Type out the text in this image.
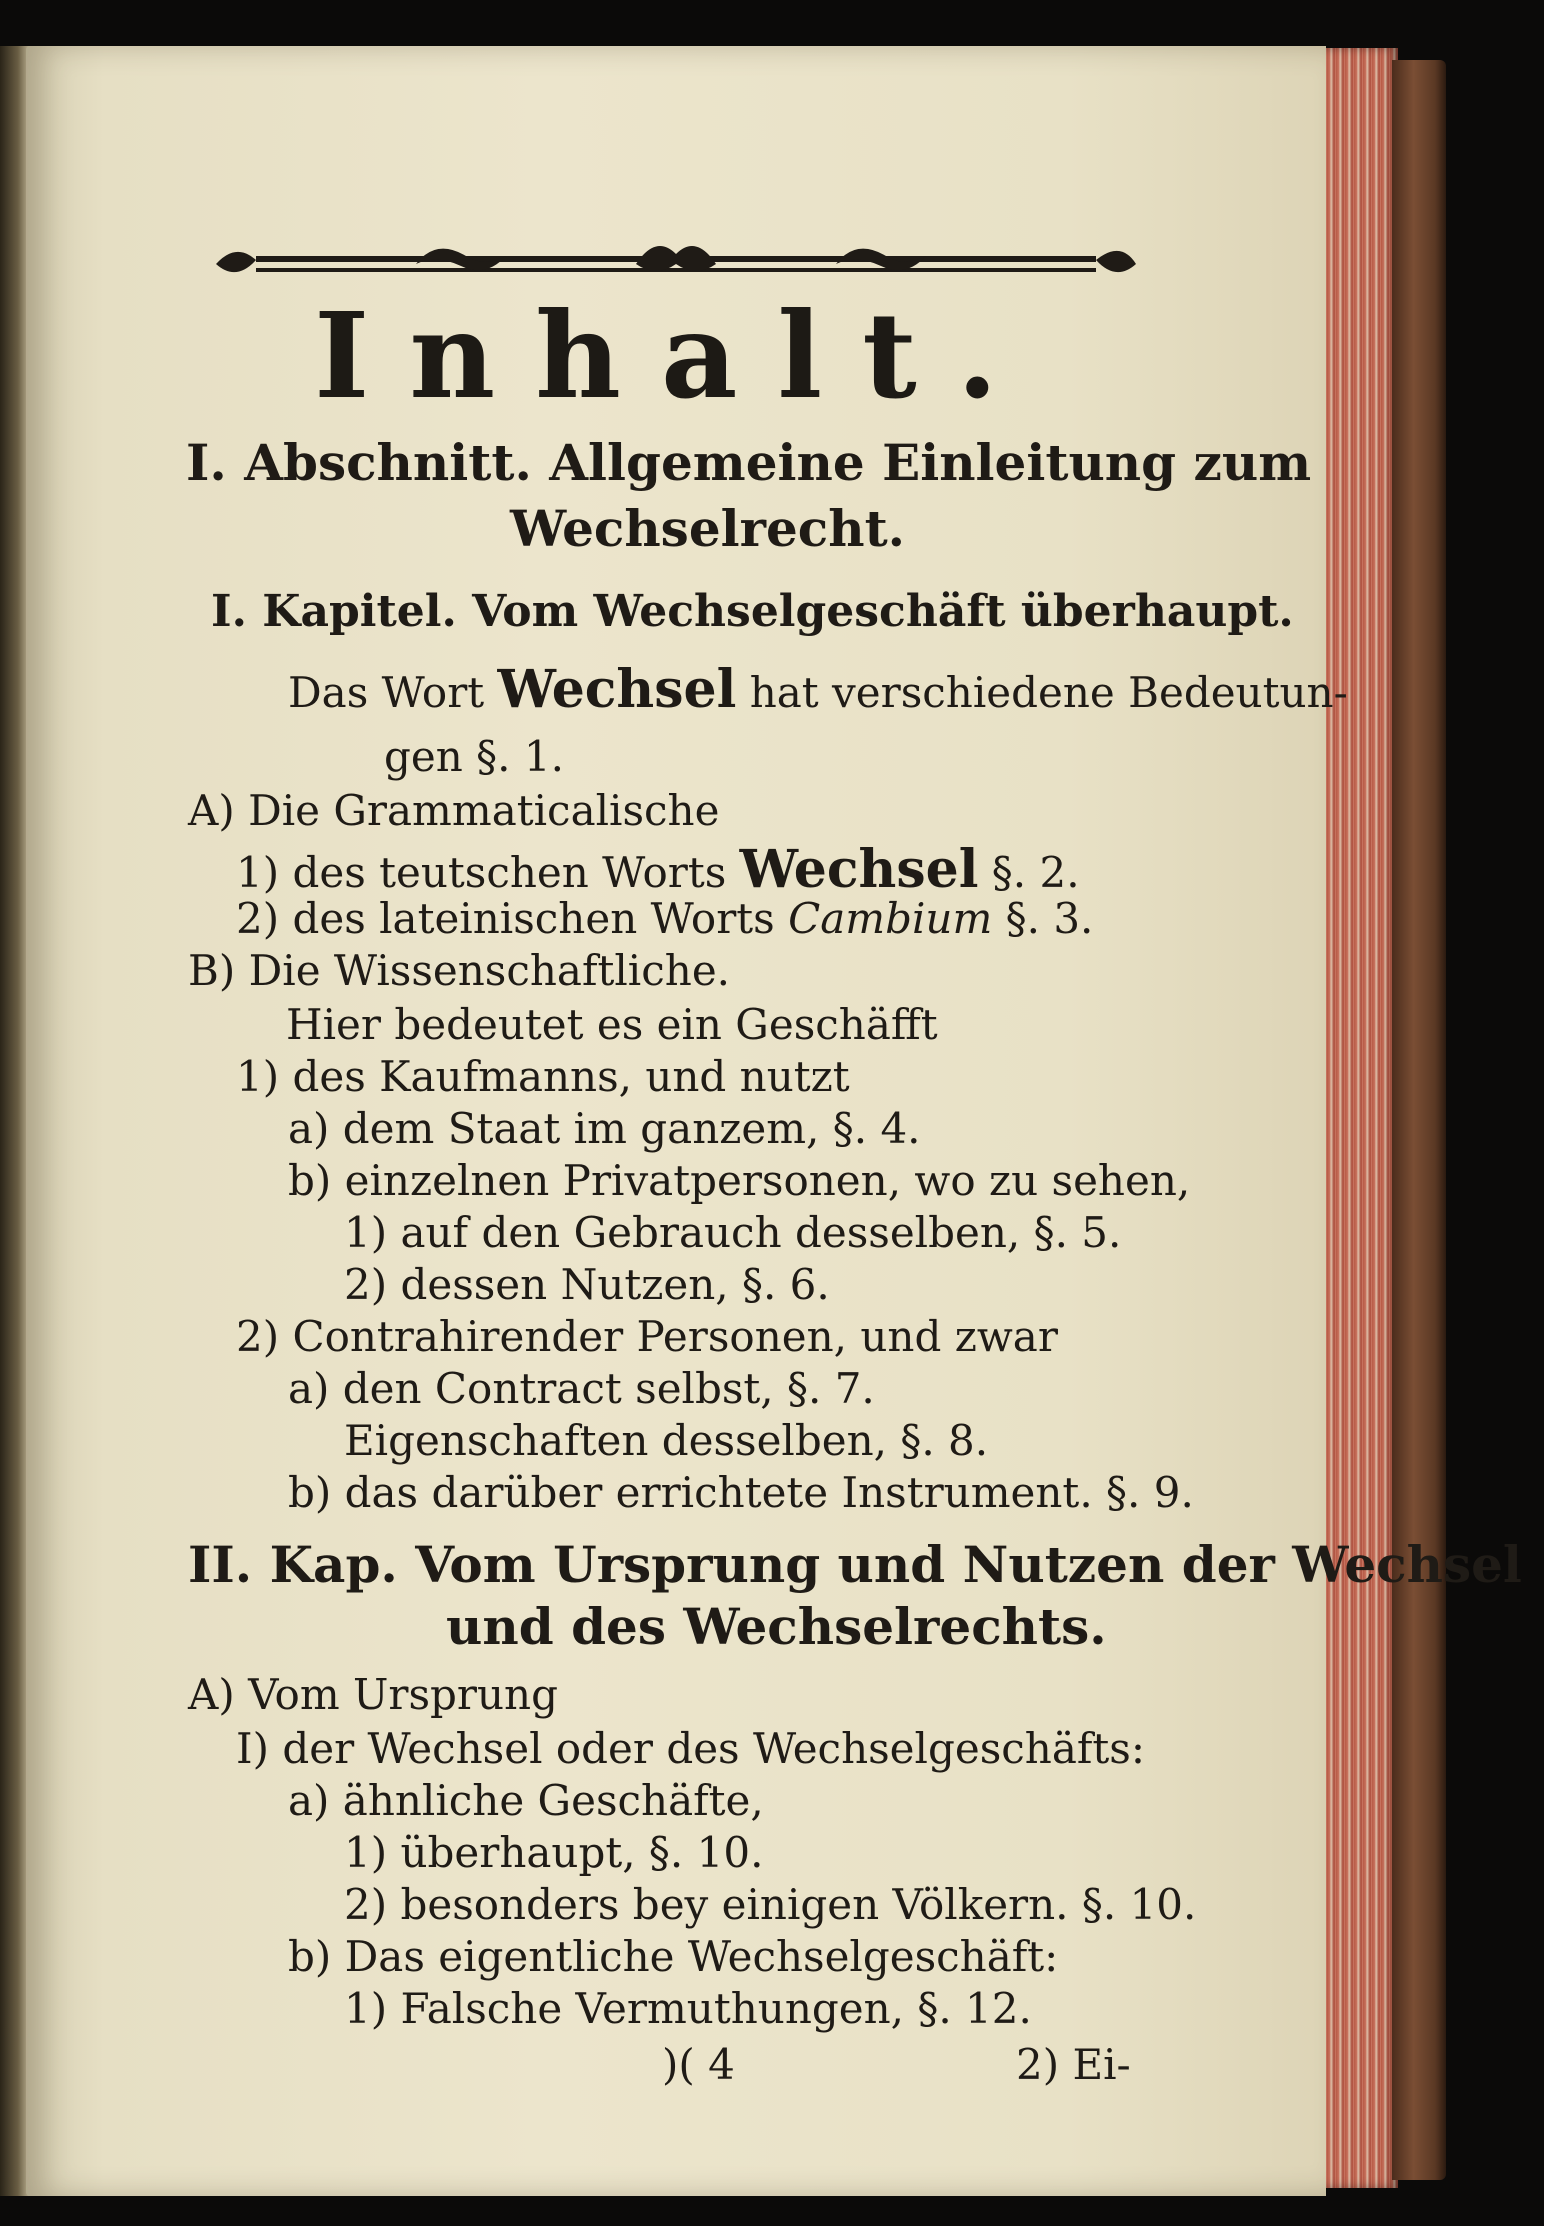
Inhalt.
I. Abschnitt. Allgemeine Einleitung zum
Wechselrecht.
I. Kapitel. Vom Wechselgeschäft überhaupt.
Das Wort Wechsel hat verschiedene Bedeutun-
gen §. 1.
A) Die Grammaticalische
1) des teutschen Worts Wechsel §. 2.
2) des lateinischen Worts Cambium §. 3.
B) Die Wissenschaftliche.
Hier bedeutet es ein Geschäfft
1) des Kaufmanns, und nutzt
a) dem Staat im ganzem, §. 4.
b) einzelnen Privatpersonen, wo zu sehen,
1) auf den Gebrauch desselben, §. 5.
2) dessen Nutzen, §. 6.
2) Contrahirender Personen, und zwar
a) den Contract selbst, §. 7.
Eigenschaften desselben, §. 8.
b) das darüber errichtete Instrument. §. 9.
II. Kap. Vom Ursprung und Nutzen der Wechsel
und des Wechselrechts.
A) Vom Ursprung
I) der Wechsel oder des Wechselgeschäfts:
a) ähnliche Geschäfte,
1) überhaupt, §. 10.
2) besonders bey einigen Völkern. §. 10.
b) Das eigentliche Wechselgeschäft:
1) Falsche Vermuthungen, §. 12.
)( 4	2) Ei-
